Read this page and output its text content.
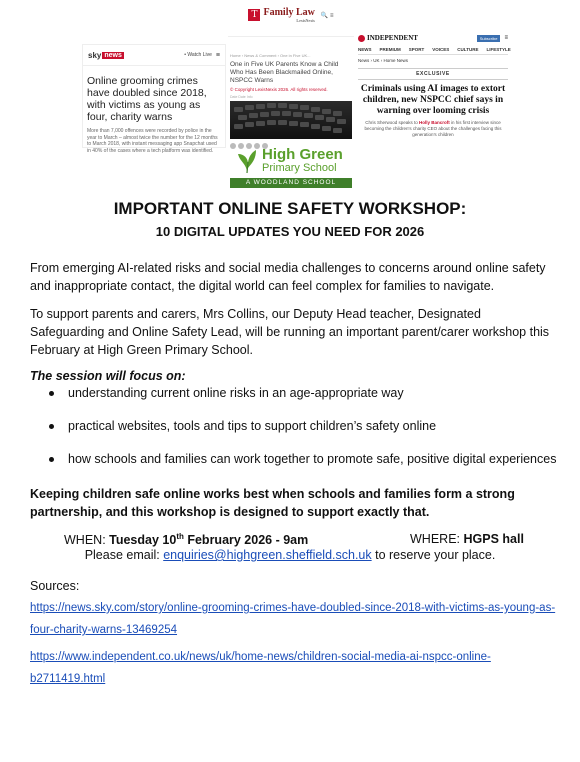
sky news	• Watch Live ≡
Online grooming crimes have doubled since 2018, with victims as young as four, charity warns
More than 7,000 offences were recorded by police in the year to March – almost twice the number for the 12 months to March 2018, with instant messaging app Snapchat used in 40% of the cases where a tech platform was identified.
T Family Law
LexisNexis
🔍 ≡
Home › News & Comment › One in Five UK...
One in Five UK Parents Know a Child Who Has Been Blackmailed Online, NSPCC Warns
© Copyright LexisNexis 2026. All rights reserved.
Date Date Info
INDEPENDENT	Subscribe	≡
NEWS PREMIUM SPORT VOICES CULTURE LIFESTYLE
News › UK › Home News
EXCLUSIVE
Criminals using AI images to extort children, new NSPCC chief says in warning over looming crisis
Chris Sherwood speaks to Holly Bancroft in his first interview since becoming the children's charity CEO about the challenges facing this generation's children
High Green
Primary School
A WOODLAND SCHOOL
IMPORTANT ONLINE SAFETY WORKSHOP:
10 DIGITAL UPDATES YOU NEED FOR 2026
From emerging AI-related risks and social media challenges to concerns around online safety and inappropriate contact, the digital world can feel complex for families to navigate.
To support parents and carers, Mrs Collins, our Deputy Head teacher, Designated Safeguarding and Online Safety Lead, will be running an important parent/carer workshop this February at High Green Primary School.
The session will focus on:
understanding current online risks in an age-appropriate way
practical websites, tools and tips to support children’s safety online
how schools and families can work together to promote safe, positive digital experiences
Keeping children safe online works best when schools and families form a strong partnership, and this workshop is designed to support exactly that.
WHEN: Tuesday 10th February 2026 - 9am	WHERE: HGPS hall
Please email: enquiries@highgreen.sheffield.sch.uk to reserve your place.
Sources:
https://news.sky.com/story/online-grooming-crimes-have-doubled-since-2018-with-victims-as-young-as-four-charity-warns-13469254
https://www.independent.co.uk/news/uk/home-news/children-social-media-ai-nspcc-online-b2711419.html
